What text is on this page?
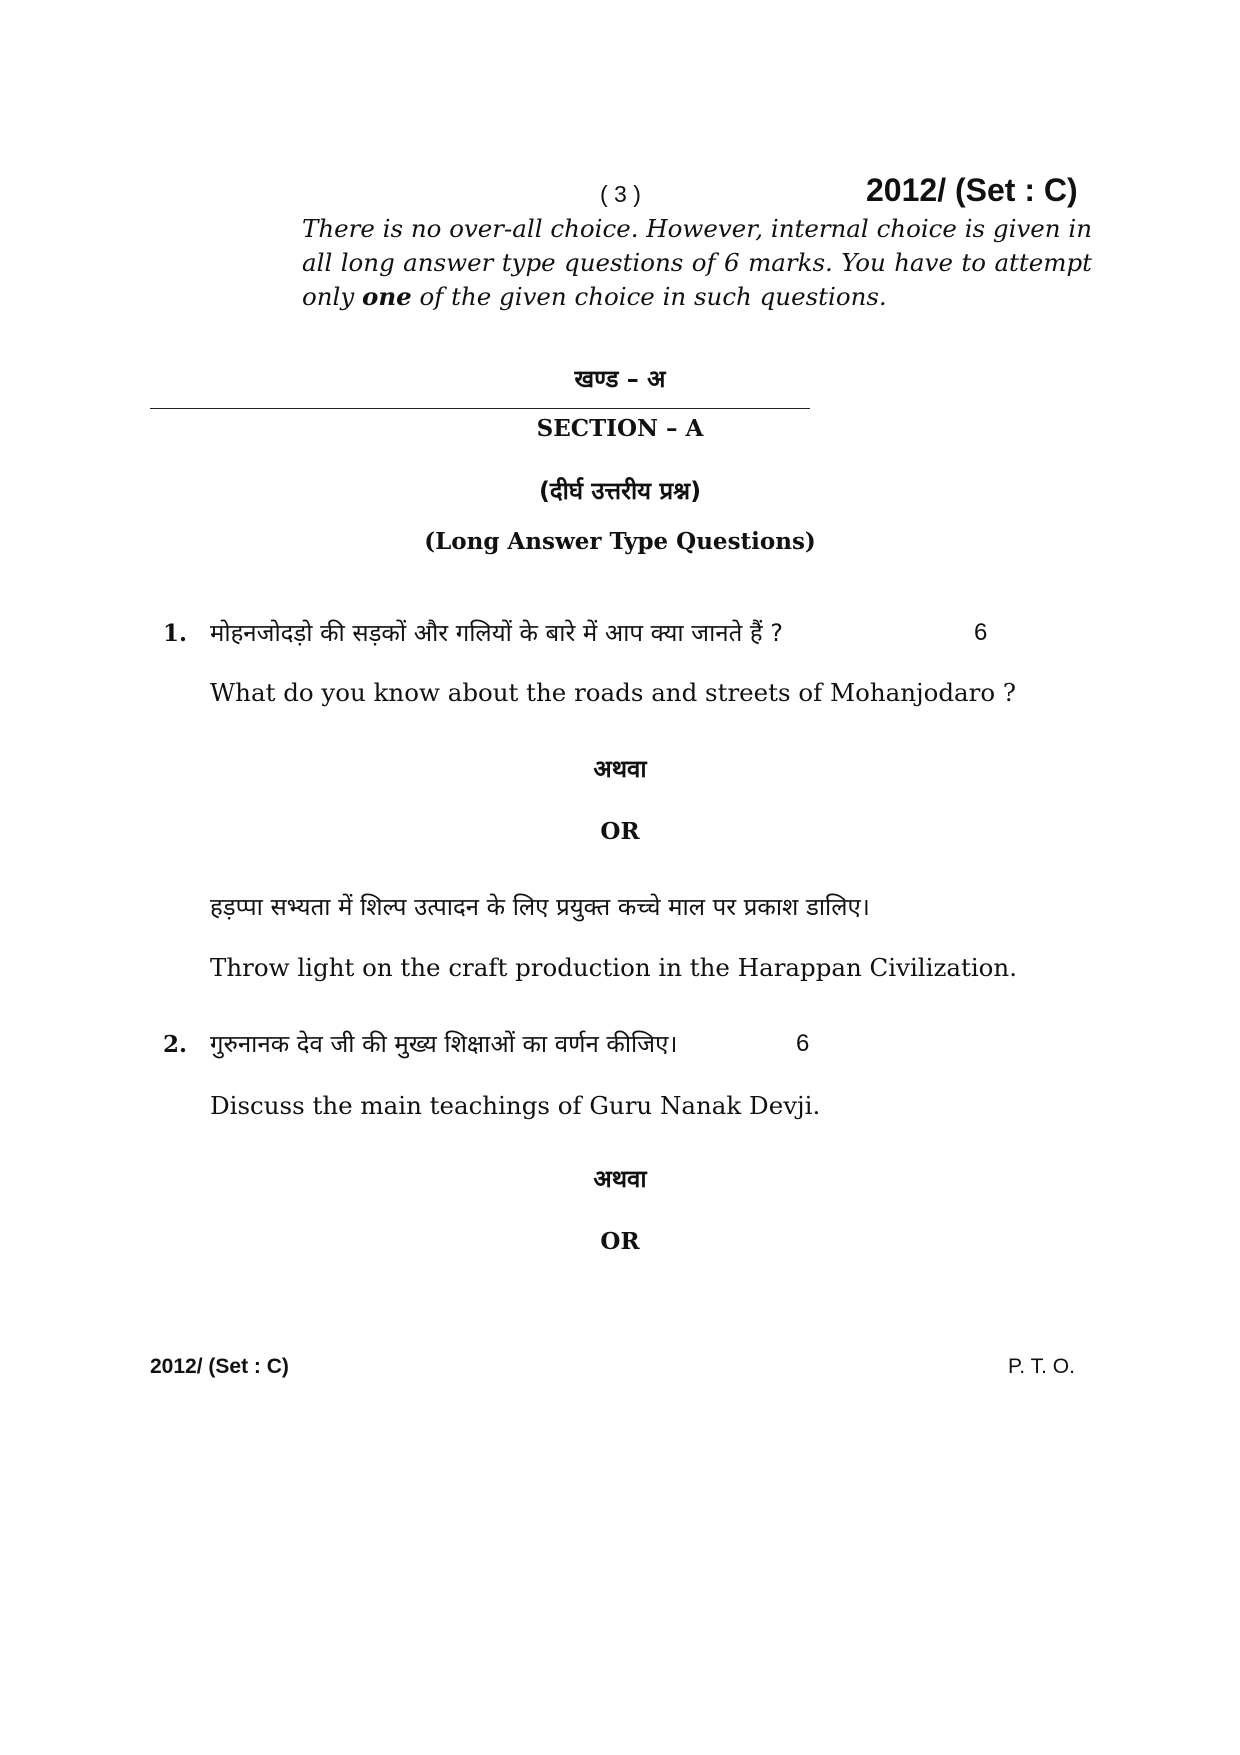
( 3 )	2012/ (Set : C)
There is no over-all choice. However, internal choice is given in all long answer type questions of 6 marks. You have to attempt only one of the given choice in such questions.
खण्ड – अ
SECTION – A
(दीर्घ उत्तरीय प्रश्न)
(Long Answer Type Questions)
1. मोहनजोदड़ो की सड़कों और गलियों के बारे में आप क्या जानते हैं ?	6
What do you know about the roads and streets of Mohanjodaro ?
अथवा
OR
हड़प्पा सभ्यता में शिल्प उत्पादन के लिए प्रयुक्त कच्चे माल पर प्रकाश डालिए।
Throw light on the craft production in the Harappan Civilization.
2. गुरुनानक देव जी की मुख्य शिक्षाओं का वर्णन कीजिए।	6
Discuss the main teachings of Guru Nanak Devji.
अथवा
OR
2012/ (Set : C)	P. T. O.
